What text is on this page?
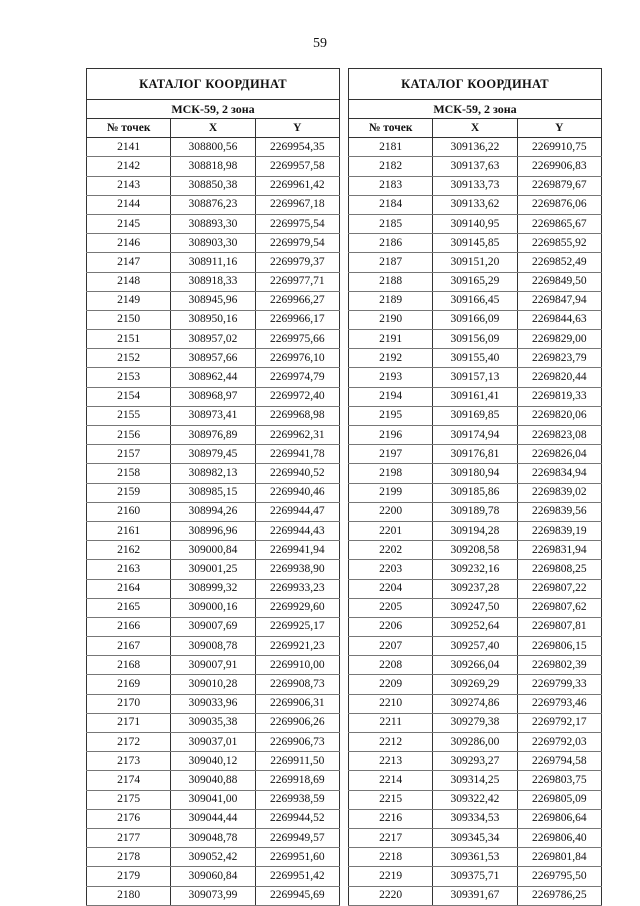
59
КАТАЛОГ КООРДИНАТ		
МСК-59, 2 зона		
№ точек	X	Y
2141	308800,56	2269954,35
2142	308818,98	2269957,58
2143	308850,38	2269961,42
2144	308876,23	2269967,18
2145	308893,30	2269975,54
2146	308903,30	2269979,54
2147	308911,16	2269979,37
2148	308918,33	2269977,71
2149	308945,96	2269966,27
2150	308950,16	2269966,17
2151	308957,02	2269975,66
2152	308957,66	2269976,10
2153	308962,44	2269974,79
2154	308968,97	2269972,40
2155	308973,41	2269968,98
2156	308976,89	2269962,31
2157	308979,45	2269941,78
2158	308982,13	2269940,52
2159	308985,15	2269940,46
2160	308994,26	2269944,47
2161	308996,96	2269944,43
2162	309000,84	2269941,94
2163	309001,25	2269938,90
2164	308999,32	2269933,23
2165	309000,16	2269929,60
2166	309007,69	2269925,17
2167	309008,78	2269921,23
2168	309007,91	2269910,00
2169	309010,28	2269908,73
2170	309033,96	2269906,31
2171	309035,38	2269906,26
2172	309037,01	2269906,73
2173	309040,12	2269911,50
2174	309040,88	2269918,69
2175	309041,00	2269938,59
2176	309044,44	2269944,52
2177	309048,78	2269949,57
2178	309052,42	2269951,60
2179	309060,84	2269951,42
2180	309073,99	2269945,69
КАТАЛОГ КООРДИНАТ		
МСК-59, 2 зона		
№ точек	X	Y
2181	309136,22	2269910,75
2182	309137,63	2269906,83
2183	309133,73	2269879,67
2184	309133,62	2269876,06
2185	309140,95	2269865,67
2186	309145,85	2269855,92
2187	309151,20	2269852,49
2188	309165,29	2269849,50
2189	309166,45	2269847,94
2190	309166,09	2269844,63
2191	309156,09	2269829,00
2192	309155,40	2269823,79
2193	309157,13	2269820,44
2194	309161,41	2269819,33
2195	309169,85	2269820,06
2196	309174,94	2269823,08
2197	309176,81	2269826,04
2198	309180,94	2269834,94
2199	309185,86	2269839,02
2200	309189,78	2269839,56
2201	309194,28	2269839,19
2202	309208,58	2269831,94
2203	309232,16	2269808,25
2204	309237,28	2269807,22
2205	309247,50	2269807,62
2206	309252,64	2269807,81
2207	309257,40	2269806,15
2208	309266,04	2269802,39
2209	309269,29	2269799,33
2210	309274,86	2269793,46
2211	309279,38	2269792,17
2212	309286,00	2269792,03
2213	309293,27	2269794,58
2214	309314,25	2269803,75
2215	309322,42	2269805,09
2216	309334,53	2269806,64
2217	309345,34	2269806,40
2218	309361,53	2269801,84
2219	309375,71	2269795,50
2220	309391,67	2269786,25
